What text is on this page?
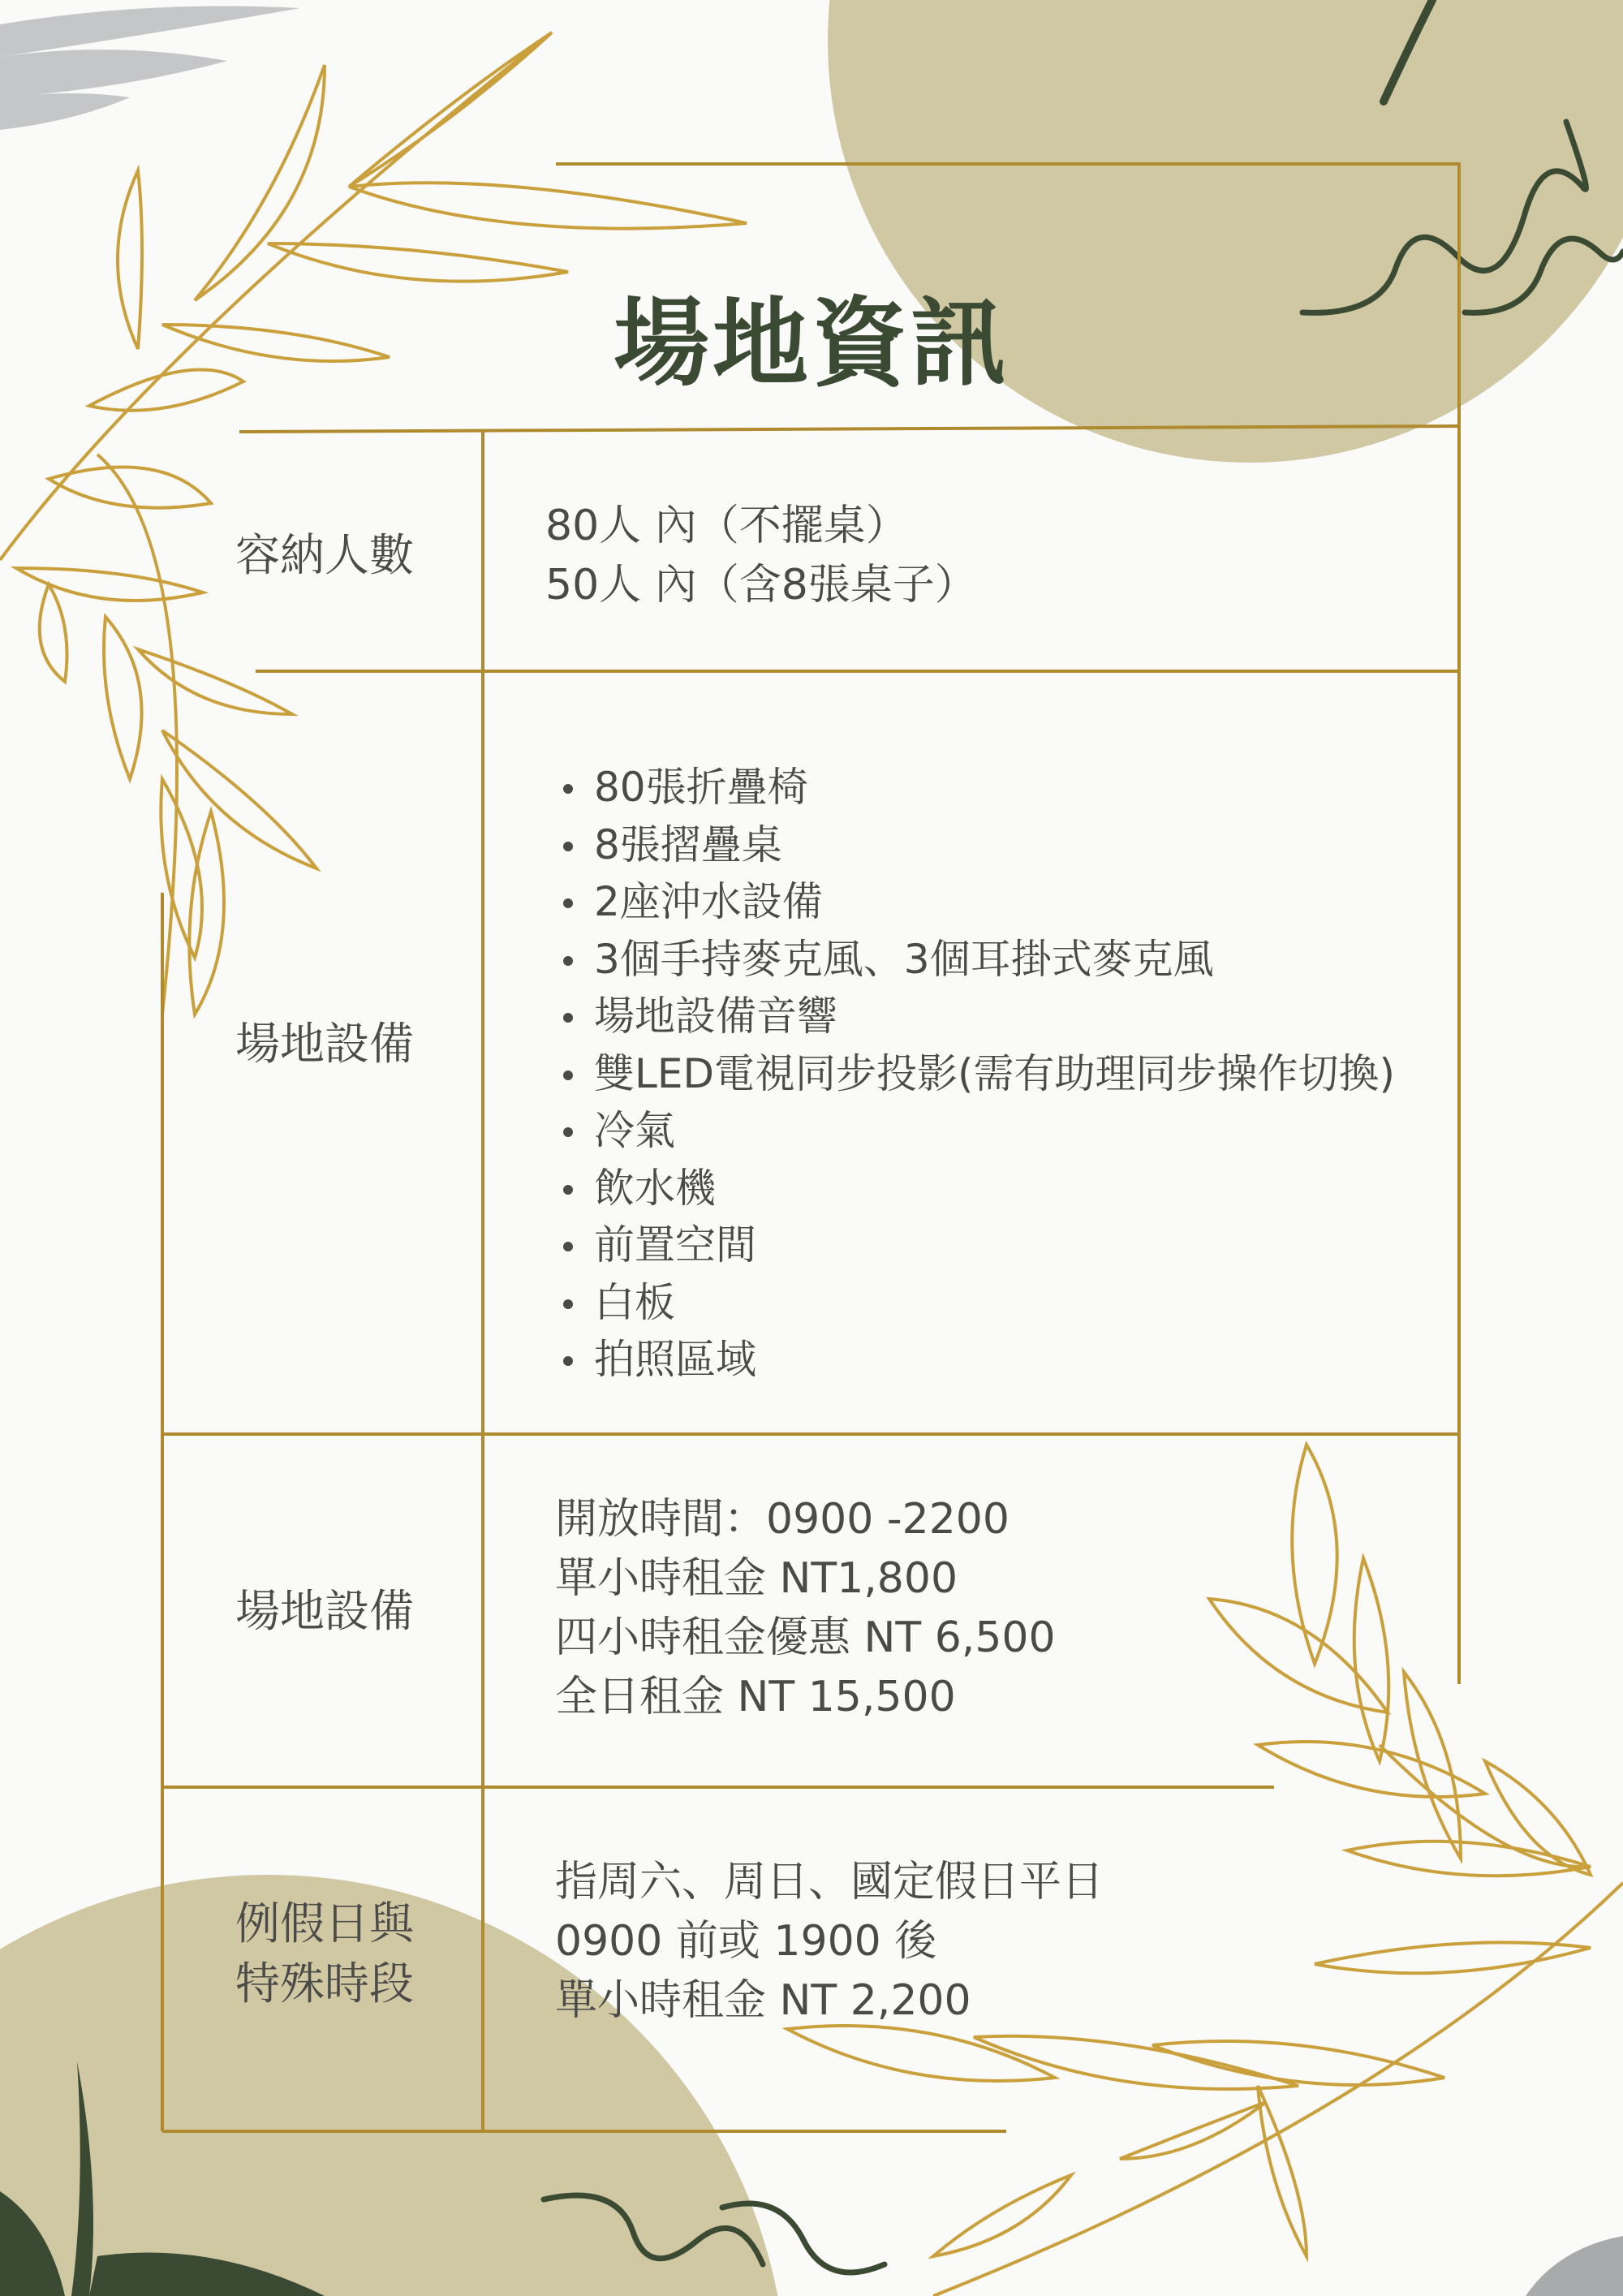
場地資訊
容納人數
80人 內（不擺桌）
50人 內（含8張桌子）
場地設備
80張折疊椅
8張摺疊桌
2座沖水設備
3個手持麥克風、3個耳掛式麥克風
場地設備音響
雙LED電視同步投影(需有助理同步操作切換)
冷氣
飲水機
前置空間
白板
拍照區域
場地設備
開放時間：0900 -2200
單小時租金 NT1,800
四小時租金優惠 NT 6,500
全日租金 NT 15,500
例假日與
特殊時段
指周六、周日、國定假日平日
0900 前或 1900 後
單小時租金 NT 2,200
